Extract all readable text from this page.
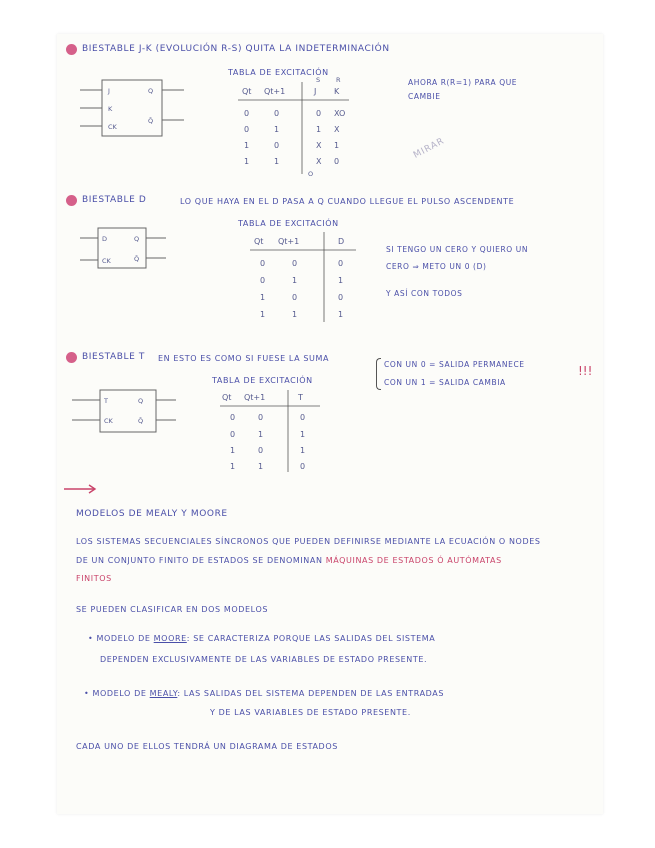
BIESTABLE J-K (EVOLUCIÓN R-S) QUITA LA INDETERMINACIÓN
J
K
CK
Q
Q̄
TABLA DE EXCITACIÓN
S R
Qt Qt+1	J K
0	0	0 XO
0	1	1 X
1	0	X 1
1	1	X 0
O
AHORA R(R=1) PARA QUE
CAMBIE
MIRAR
BIESTABLE D	LO QUE HAYA EN EL D PASA A Q CUANDO LLEGUE EL PULSO ASCENDENTE
D
CK
Q
Q̄
TABLA DE EXCITACIÓN
Qt Qt+1	D
0	0	0
0	1	1
1	0	0
1	1	1
SI TENGO UN CERO Y QUIERO UN
CERO ⇒ METO UN 0 (D)
Y ASÍ CON TODOS
BIESTABLE T EN ESTO ES COMO SI FUESE LA SUMA
CON UN 0 = SALIDA PERMANECE
CON UN 1 = SALIDA CAMBIA
!!!
T
CK
Q
Q̄
TABLA DE EXCITACIÓN
Qt Qt+1	T
0	0	0
0	1	1
1	0	1
1	1	0
MODELOS DE MEALY Y MOORE
LOS SISTEMAS SECUENCIALES SÍNCRONOS QUE PUEDEN DEFINIRSE MEDIANTE LA ECUACIÓN O NODES
DE UN CONJUNTO FINITO DE ESTADOS SE DENOMINAN MÁQUINAS DE ESTADOS Ó AUTÓMATAS
FINITOS
SE PUEDEN CLASIFICAR EN DOS MODELOS
• MODELO DE MOORE: SE CARACTERIZA PORQUE LAS SALIDAS DEL SISTEMA
DEPENDEN EXCLUSIVAMENTE DE LAS VARIABLES DE ESTADO PRESENTE.
• MODELO DE MEALY: LAS SALIDAS DEL SISTEMA DEPENDEN DE LAS ENTRADAS
Y DE LAS VARIABLES DE ESTADO PRESENTE.
CADA UNO DE ELLOS TENDRÁ UN DIAGRAMA DE ESTADOS
